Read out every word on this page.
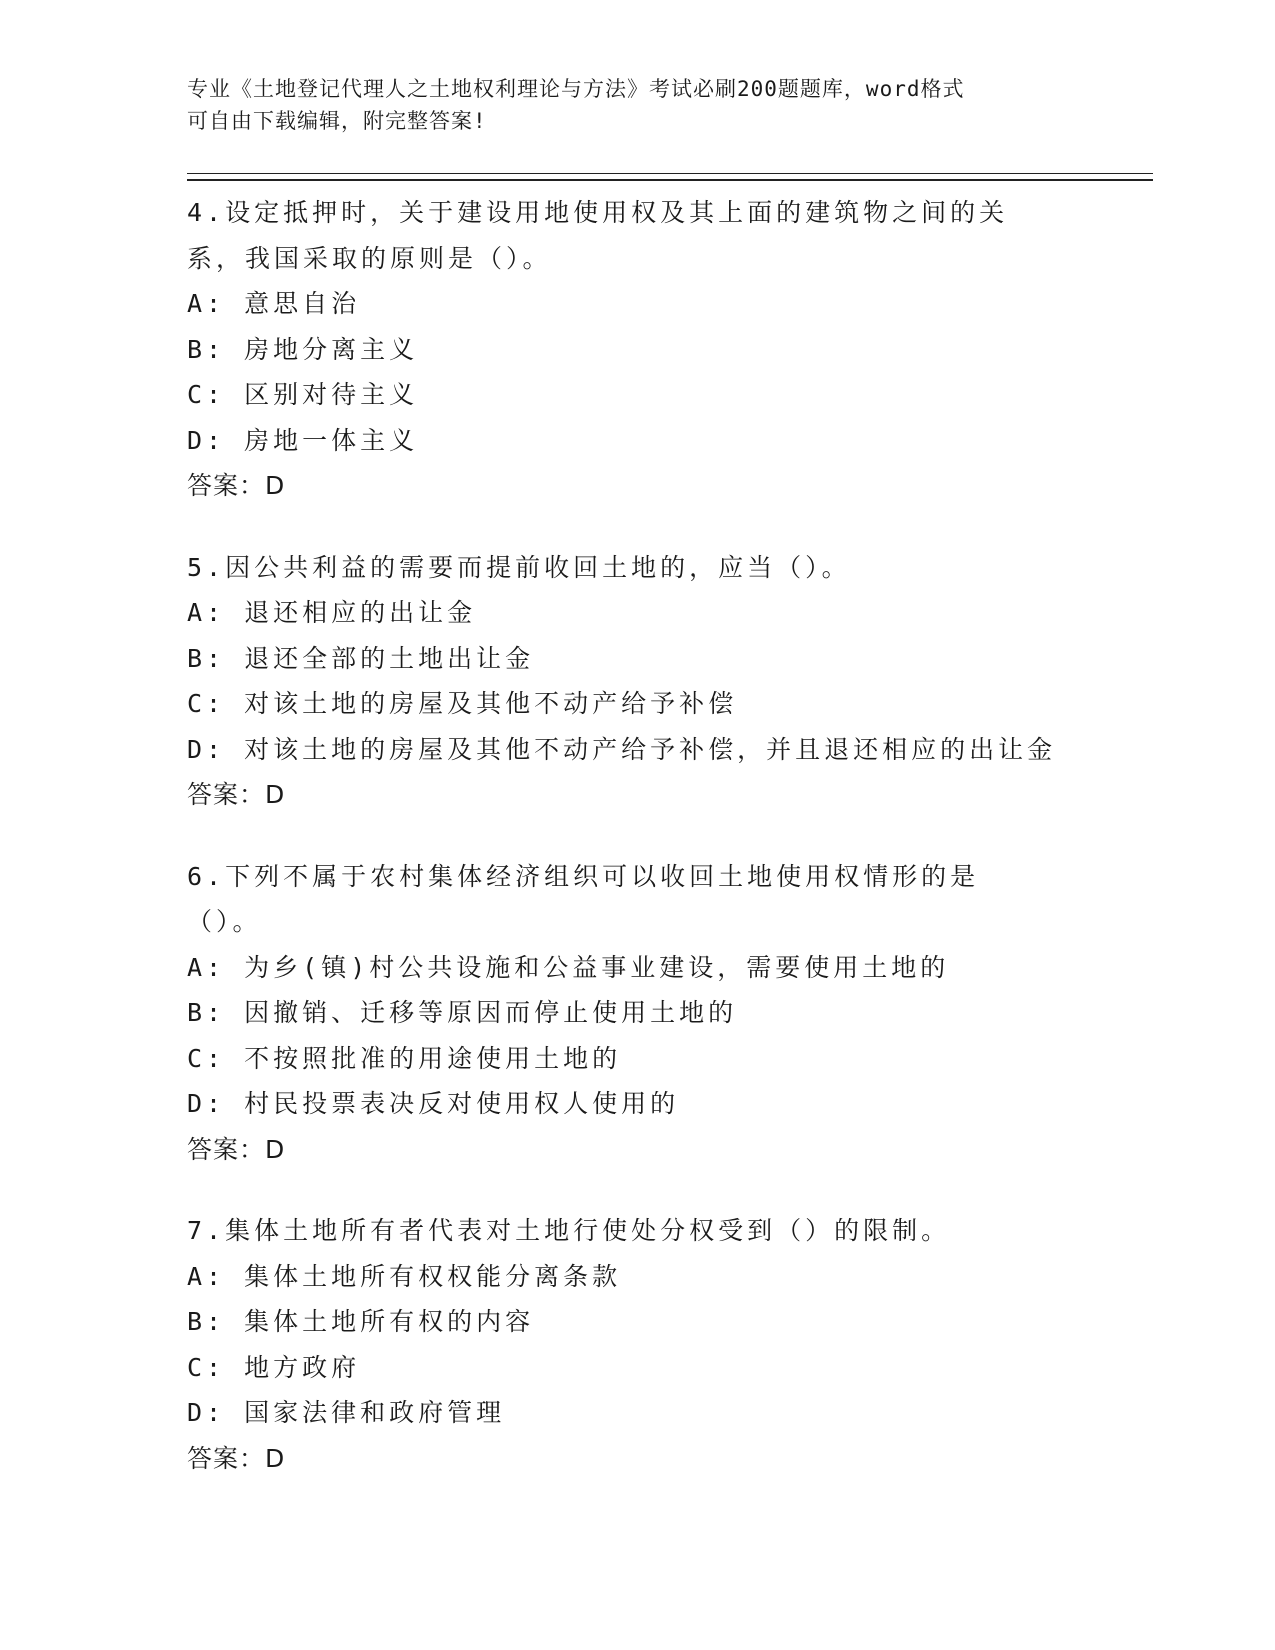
专业《土地登记代理人之土地权利理论与方法》考试必刷200题题库，word格式
可自由下载编辑，附完整答案!
4.设定抵押时，关于建设用地使用权及其上面的建筑物之间的关系，我国采取的原则是（）。
A: 意思自治
B: 房地分离主义
C: 区别对待主义
D: 房地一体主义
答案：D
5.因公共利益的需要而提前收回土地的，应当（）。
A: 退还相应的出让金
B: 退还全部的土地出让金
C: 对该土地的房屋及其他不动产给予补偿
D: 对该土地的房屋及其他不动产给予补偿，并且退还相应的出让金
答案：D
6.下列不属于农村集体经济组织可以收回土地使用权情形的是（）。
A: 为乡(镇)村公共设施和公益事业建设，需要使用土地的
B: 因撤销、迁移等原因而停止使用土地的
C: 不按照批准的用途使用土地的
D: 村民投票表决反对使用权人使用的
答案：D
7.集体土地所有者代表对土地行使处分权受到（）的限制。
A: 集体土地所有权权能分离条款
B: 集体土地所有权的内容
C: 地方政府
D: 国家法律和政府管理
答案：D
